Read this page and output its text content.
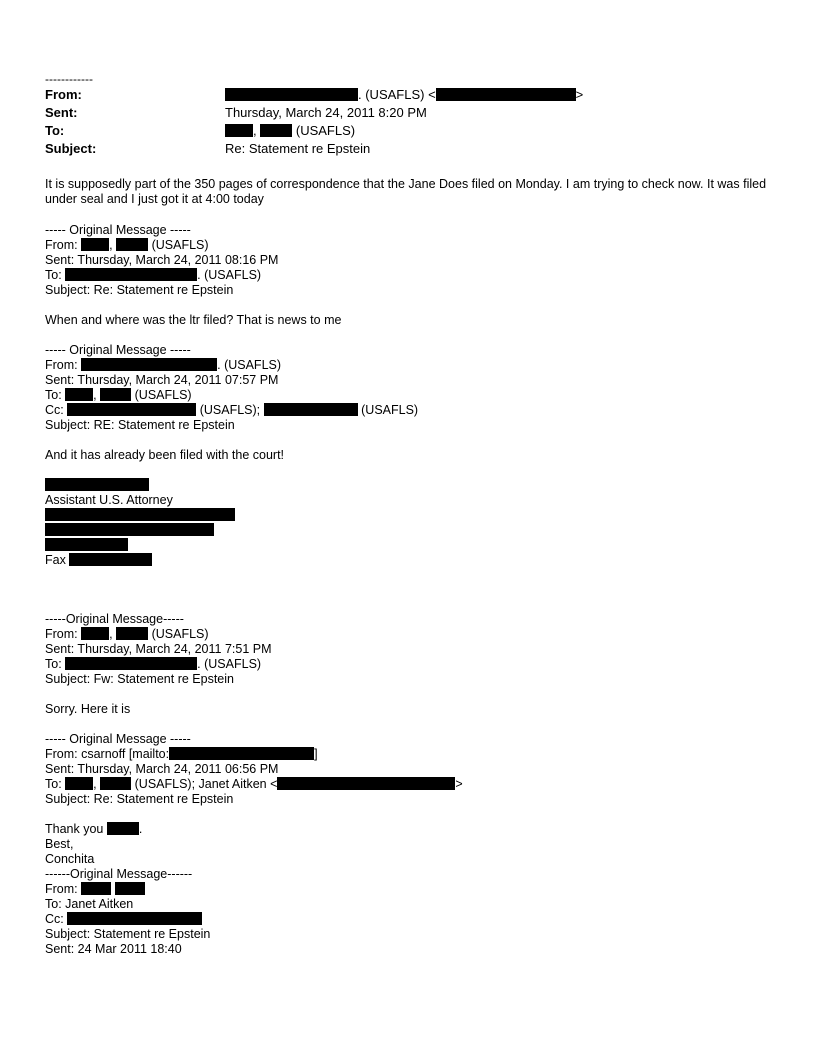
------------
From:	. (USAFLS) <	>
Sent:	Thursday, March 24, 2011 8:20 PM
To:	,	(USAFLS)
Subject:	Re: Statement re Epstein
It is supposedly part of the 350 pages of correspondence that the Jane Does filed on Monday. I am trying to check now. It was filed under seal and I just got it at 4:00 today
----- Original Message -----
From:	,	(USAFLS)
Sent: Thursday, March 24, 2011 08:16 PM
To:	. (USAFLS)
Subject: Re: Statement re Epstein
When and where was the ltr filed? That is news to me
----- Original Message -----
From:	. (USAFLS)
Sent: Thursday, March 24, 2011 07:57 PM
To:	,	(USAFLS)
Cc:	(USAFLS);	(USAFLS)
Subject: RE: Statement re Epstein
And it has already been filed with the court!
Assistant U.S. Attorney
Fax
-----Original Message-----
From:	,	(USAFLS)
Sent: Thursday, March 24, 2011 7:51 PM
To:	. (USAFLS)
Subject: Fw: Statement re Epstein
Sorry. Here it is
----- Original Message -----
From: csarnoff [mailto:	]
Sent: Thursday, March 24, 2011 06:56 PM
To:	,	(USAFLS); Janet Aitken <	>
Subject: Re: Statement re Epstein
Thank you	.
Best,
Conchita
------Original Message------
From:
To: Janet Aitken
Cc:
Subject: Statement re Epstein
Sent: 24 Mar 2011 18:40
